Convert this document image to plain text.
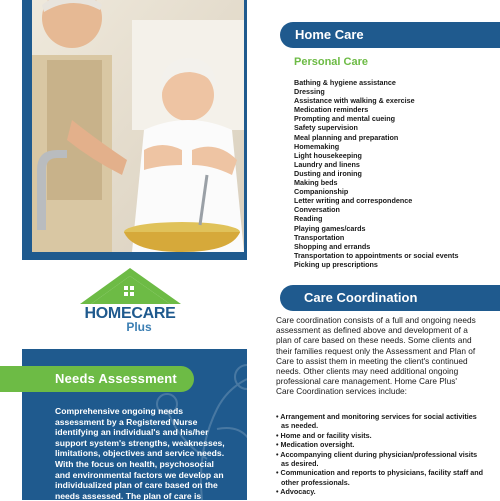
HOMECARE
Plus
Needs Assessment
Comprehensive ongoing needs assessment by a Registered Nurse identifying an individual's and his/her support system's strengths, weaknesses, limitations, objectives and service needs. With the focus on health, psychosocial and environmental factors we develop an individualized plan of care based on the needs assessed. The plan of care is
Home Care
Personal Care
Bathing & hygiene assistance
Dressing
Assistance with walking & exercise
Medication reminders
Prompting and mental cueing
Safety supervision
Meal planning and preparation
Homemaking
Light housekeeping
Laundry and linens
Dusting and ironing
Making beds
Companionship
Letter writing and correspondence
Conversation
Reading
Playing games/cards
Transportation
Shopping and errands
Transportation to appointments or social events
Picking up prescriptions
Care Coordination
Care coordination consists of a full and ongoing needs assessment as defined above and development of a plan of care based on these needs. Some clients and their families request only the Assessment and Plan of Care to assist them in meeting the client's continued needs. Other clients may need additional ongoing professional care management. Home Care Plus' Care Coordination services include:
• Arrangement and monitoring services for social activities as needed.
• Home and or facility visits.
• Medication oversight.
• Accompanying client during physician/professional visits as desired.
• Communication and reports to physicians, facility staff and other professionals.
• Advocacy.
